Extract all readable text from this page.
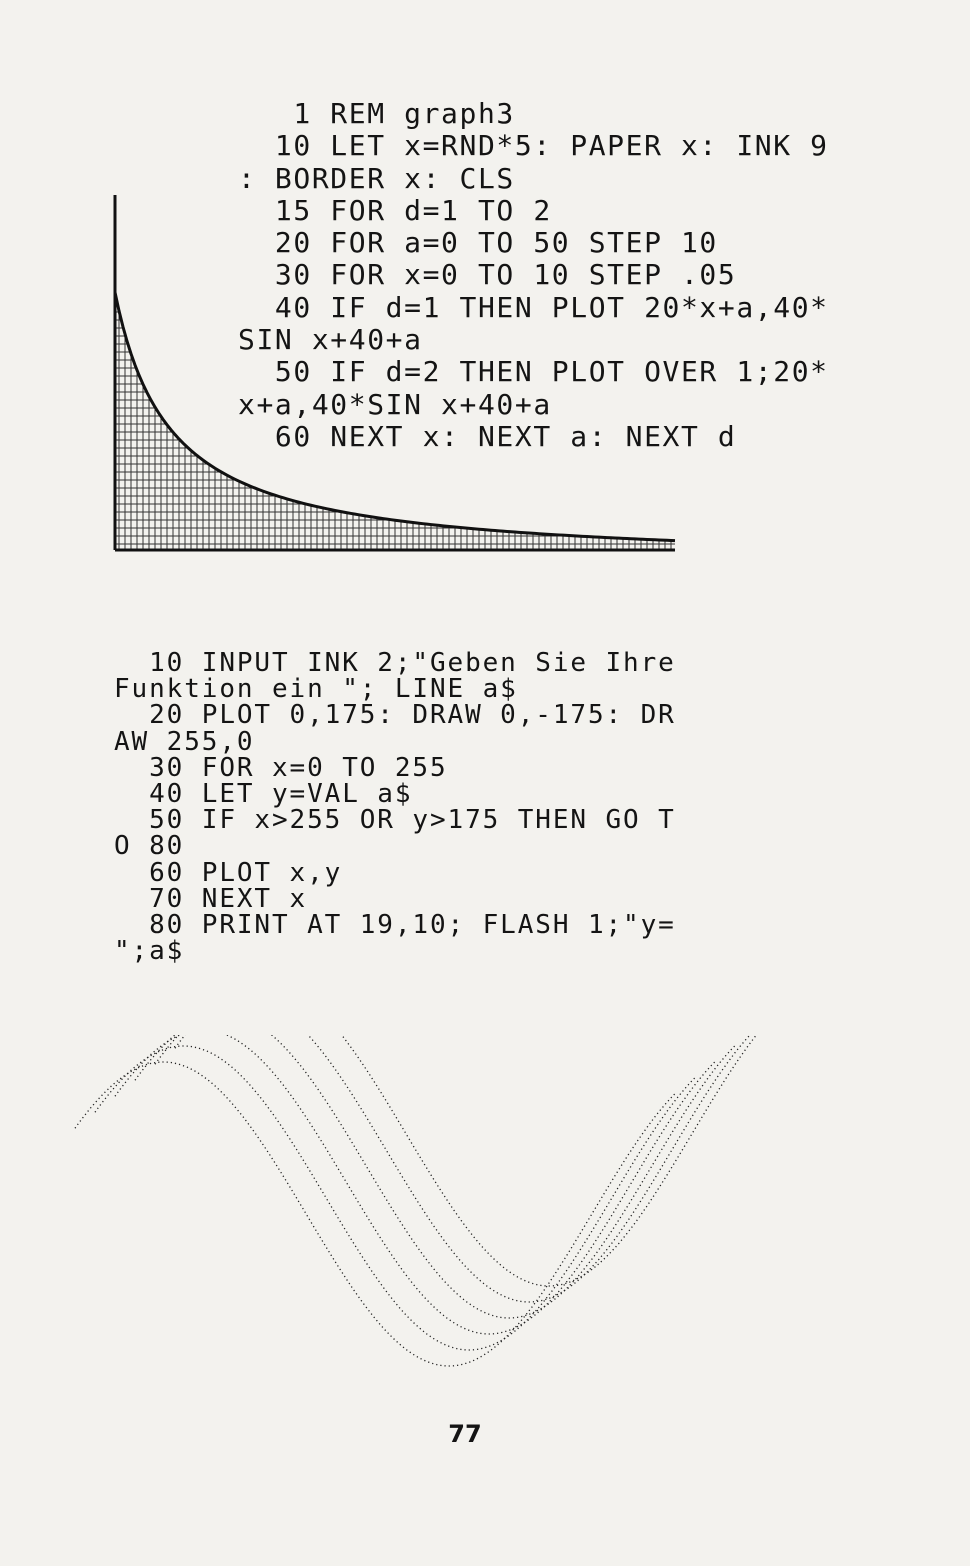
1 REM graph3
10 LET x=RND*5: PAPER x: INK 9
: BORDER x: CLS
15 FOR d=1 TO 2
20 FOR a=0 TO 50 STEP 10
30 FOR x=0 TO 10 STEP .05
40 IF d=1 THEN PLOT 20*x+a,40*
SIN x+40+a
50 IF d=2 THEN PLOT OVER 1;20*
x+a,40*SIN x+40+a
60 NEXT x: NEXT a: NEXT d
10 INPUT INK 2;"Geben Sie Ihre
Funktion ein "; LINE a$
20 PLOT 0,175: DRAW 0,-175: DR
AW 255,0
30 FOR x=0 TO 255
40 LET y=VAL a$
50 IF x>255 OR y>175 THEN GO T
O 80
60 PLOT x,y
70 NEXT x
80 PRINT AT 19,10; FLASH 1;"y=
";a$
77
